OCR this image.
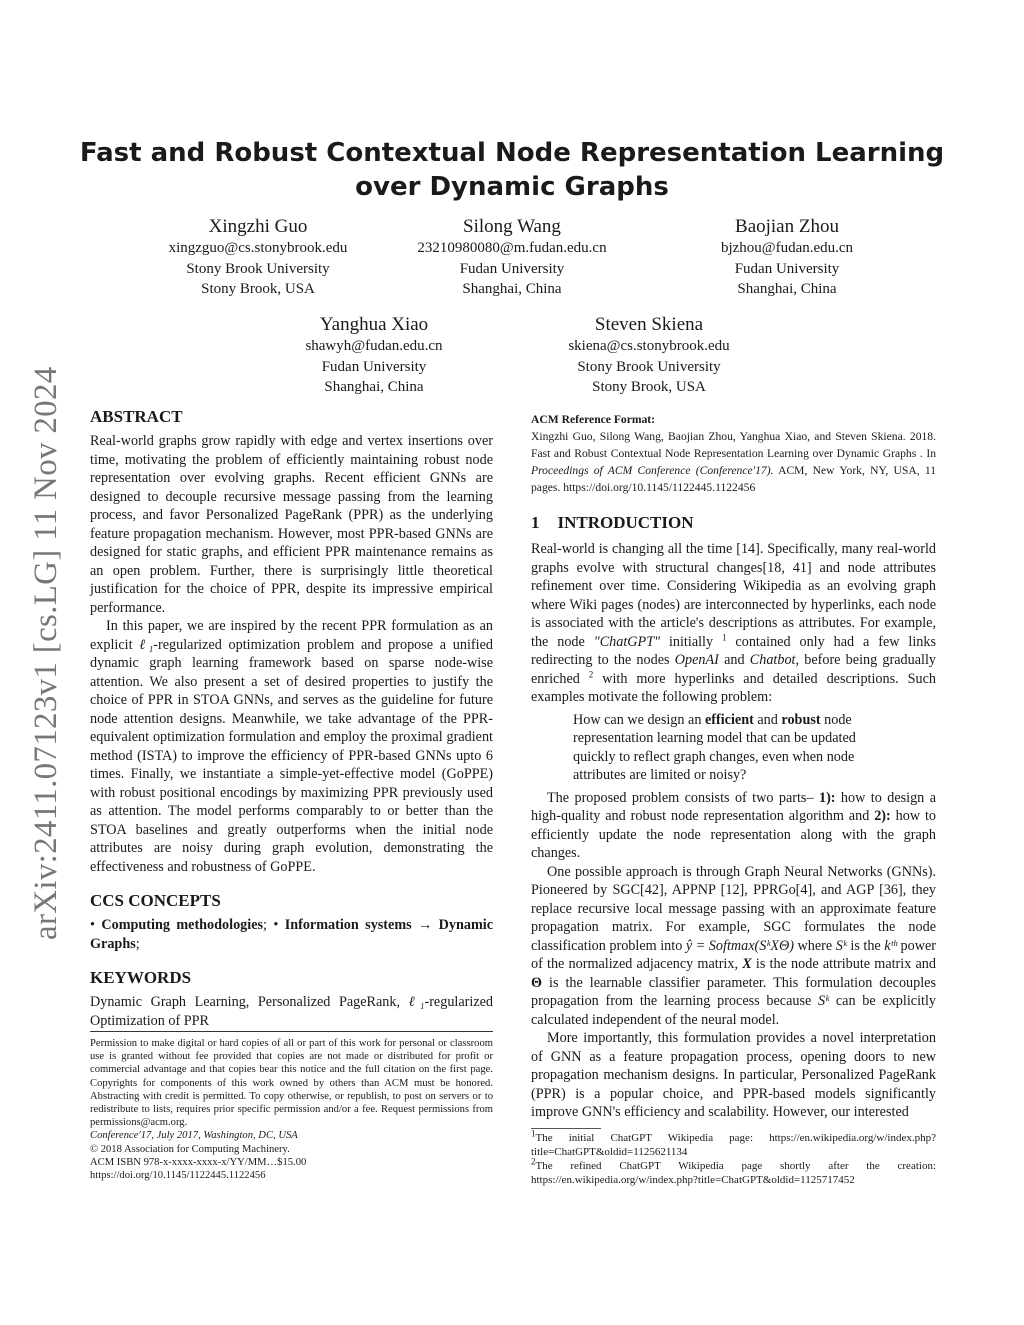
arXiv:2411.07123v1 [cs.LG] 11 Nov 2024
Fast and Robust Contextual Node Representation Learning
over Dynamic Graphs
Xingzhi Guo
xingzguo@cs.stonybrook.edu
Stony Brook University
Stony Brook, USA
Silong Wang
23210980080@m.fudan.edu.cn
Fudan University
Shanghai, China
Baojian Zhou
bjzhou@fudan.edu.cn
Fudan University
Shanghai, China
Yanghua Xiao
shawyh@fudan.edu.cn
Fudan University
Shanghai, China
Steven Skiena
skiena@cs.stonybrook.edu
Stony Brook University
Stony Brook, USA
ABSTRACT

Real-world graphs grow rapidly with edge and vertex insertions over time, motivating the problem of efficiently maintaining robust node representation over evolving graphs. Recent efficient GNNs are designed to decouple recursive message passing from the learning process, and favor Personalized PageRank (PPR) as the underlying feature propagation mechanism. However, most PPR-based GNNs are designed for static graphs, and efficient PPR maintenance remains as an open problem. Further, there is surprisingly little theoretical justification for the choice of PPR, despite its impressive empirical performance.

In this paper, we are inspired by the recent PPR formulation as an explicit ℓ₁-regularized optimization problem and propose a unified dynamic graph learning framework based on sparse node-wise attention. We also present a set of desired properties to justify the choice of PPR in STOA GNNs, and serves as the guideline for future node attention designs. Meanwhile, we take advantage of the PPR-equivalent optimization formulation and employ the proximal gradient method (ISTA) to improve the efficiency of PPR-based GNNs upto 6 times. Finally, we instantiate a simple-yet-effective model (GoPPE) with robust positional encodings by maximizing PPR previously used as attention. The model performs comparably to or better than the STOA baselines and greatly outperforms when the initial node attributes are noisy during graph evolution, demonstrating the effectiveness and robustness of GoPPE.

CCS CONCEPTS

• Computing methodologies; • Information systems → Dynamic Graphs;

KEYWORDS

Dynamic Graph Learning, Personalized PageRank, ℓ₁-regularized Optimization of PPR

Permission to make digital or hard copies of all or part of this work for personal or classroom use is granted without fee provided that copies are not made or distributed for profit or commercial advantage and that copies bear this notice and the full citation on the first page. Copyrights for components of this work owned by others than ACM must be honored. Abstracting with credit is permitted. To copy otherwise, or republish, to post on servers or to redistribute to lists, requires prior specific permission and/or a fee. Request permissions from permissions@acm.org.
Conference'17, July 2017, Washington, DC, USA
© 2018 Association for Computing Machinery.
ACM ISBN 978-x-xxxx-xxxx-x/YY/MM…$15.00
https://doi.org/10.1145/1122445.1122456
ACM Reference Format:
Xingzhi Guo, Silong Wang, Baojian Zhou, Yanghua Xiao, and Steven Skiena. 2018. Fast and Robust Contextual Node Representation Learning over Dynamic Graphs . In Proceedings of ACM Conference (Conference'17). ACM, New York, NY, USA, 11 pages. https://doi.org/10.1145/1122445.1122456
1 INTRODUCTION

Real-world is changing all the time [14]. Specifically, many real-world graphs evolve with structural changes[18, 41] and node attributes refinement over time. Considering Wikipedia as an evolving graph where Wiki pages (nodes) are interconnected by hyperlinks, each node is associated with the article's descriptions as attributes. For example, the node "ChatGPT" initially $^1$ contained only had a few links redirecting to the nodes OpenAI and Chatbot, before being gradually enriched $^2$ with more hyperlinks and detailed descriptions. Such examples motivate the following problem:

How can we design an efficient and robust node representation learning model that can be updated quickly to reflect graph changes, even when node attributes are limited or noisy?

The proposed problem consists of two parts– 1): how to design a high-quality and robust node representation algorithm and 2): how to efficiently update the node representation along with the graph changes.

One possible approach is through Graph Neural Networks (GNNs). Pioneered by SGC[42], APPNP [12], PPRGo[4], and AGP [36], they replace recursive local message passing with an approximate feature propagation matrix. For example, SGC formulates the node classification problem into ŷ = Softmax(SᵏXΘ) where Sᵏ is the kᵗʰ power of the normalized adjacency matrix, X is the node attribute matrix and Θ is the learnable classifier parameter. This formulation decouples propagation from the learning process because Sᵏ can be explicitly calculated independent of the neural model.

More importantly, this formulation provides a novel interpretation of GNN as a feature propagation process, opening doors to new propagation mechanism designs. In particular, Personalized PageRank (PPR) is a popular choice, and PPR-based models significantly improve GNN's efficiency and scalability. However, our interested

$^1$The initial ChatGPT Wikipedia page: https://en.wikipedia.org/w/index.php?title=ChatGPT&oldid=1125621134
$^2$The refined ChatGPT Wikipedia page shortly after the creation: https://en.wikipedia.org/w/index.php?title=ChatGPT&oldid=1125717452
